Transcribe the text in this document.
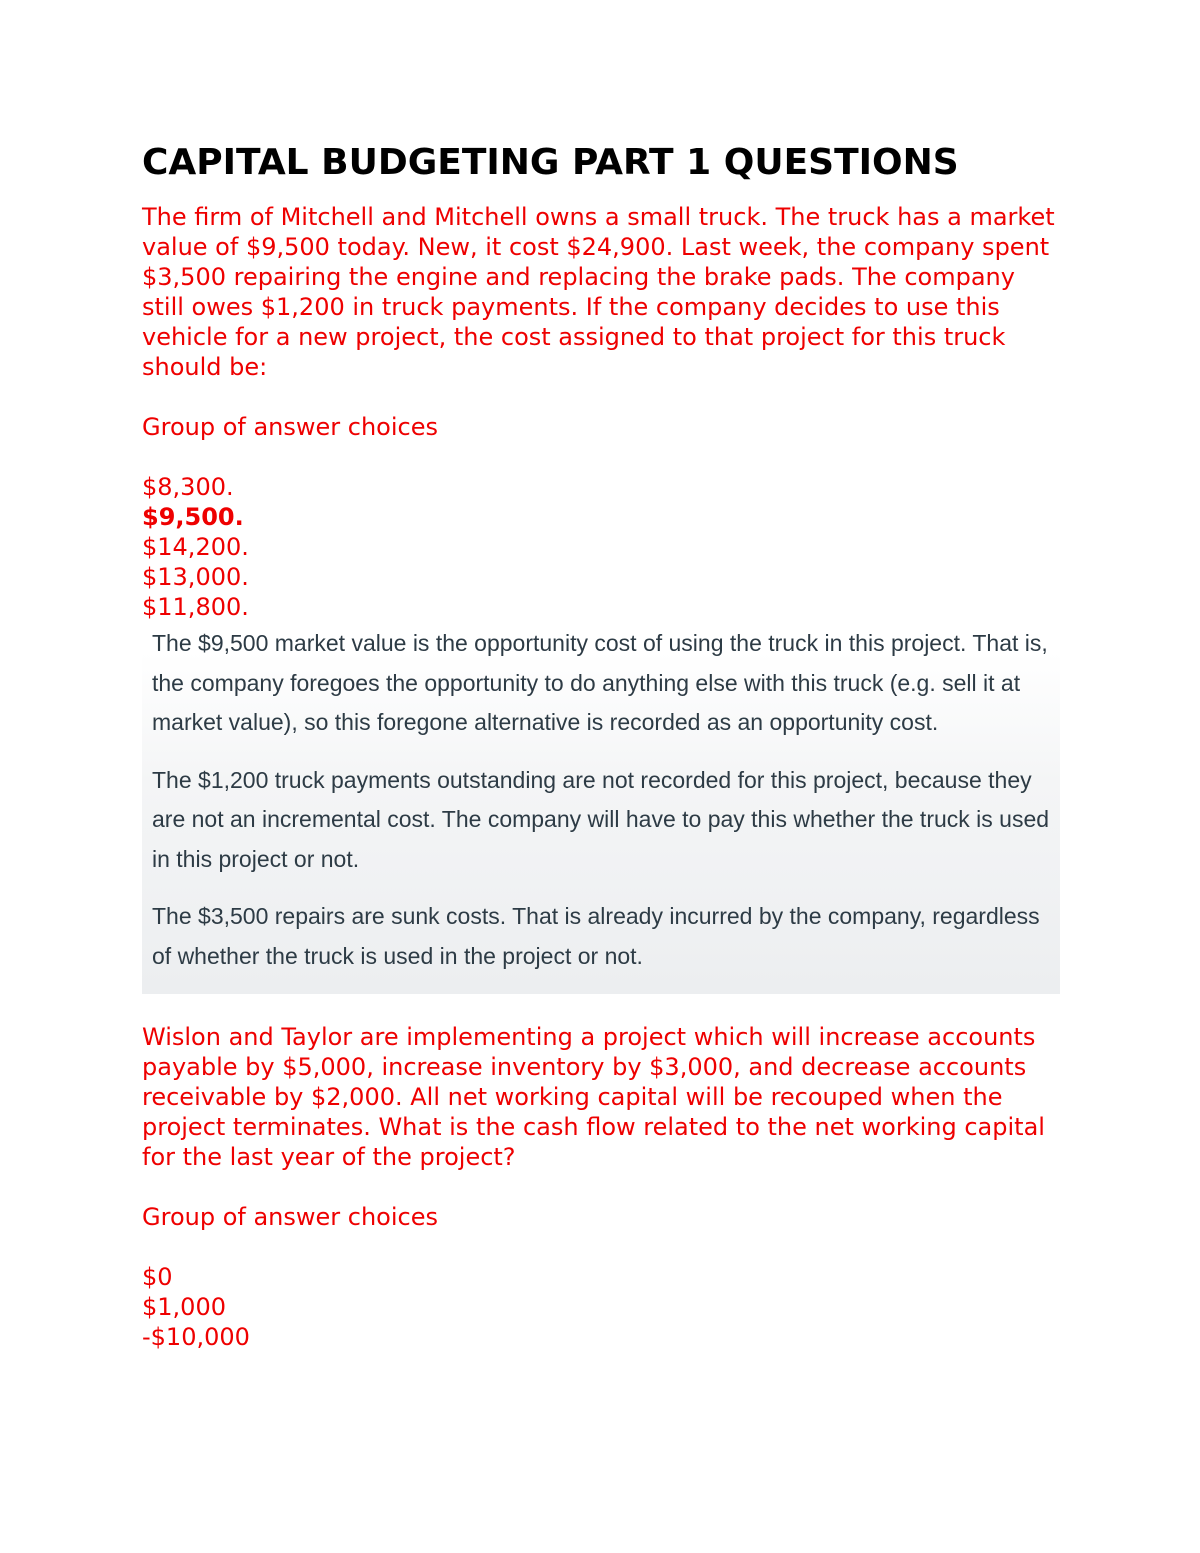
CAPITAL BUDGETING PART 1 QUESTIONS

The firm of Mitchell and Mitchell owns a small truck. The truck has a market value of $9,500 today. New, it cost $24,900. Last week, the company spent $3,500 repairing the engine and replacing the brake pads. The company still owes $1,200 in truck payments. If the company decides to use this vehicle for a new project, the cost assigned to that project for this truck should be:

Group of answer choices

$8,300.
$9,500.
$14,200.
$13,000.
$11,800.

The $9,500 market value is the opportunity cost of using the truck in this project. That is, the company foregoes the opportunity to do anything else with this truck (e.g. sell it at market value), so this foregone alternative is recorded as an opportunity cost.

The $1,200 truck payments outstanding are not recorded for this project, because they are not an incremental cost. The company will have to pay this whether the truck is used in this project or not.

The $3,500 repairs are sunk costs. That is already incurred by the company, regardless of whether the truck is used in the project or not.

Wislon and Taylor are implementing a project which will increase accounts payable by $5,000, increase inventory by $3,000, and decrease accounts receivable by $2,000. All net working capital will be recouped when the project terminates. What is the cash flow related to the net working capital for the last year of the project?

Group of answer choices

$0
$1,000
-$10,000
